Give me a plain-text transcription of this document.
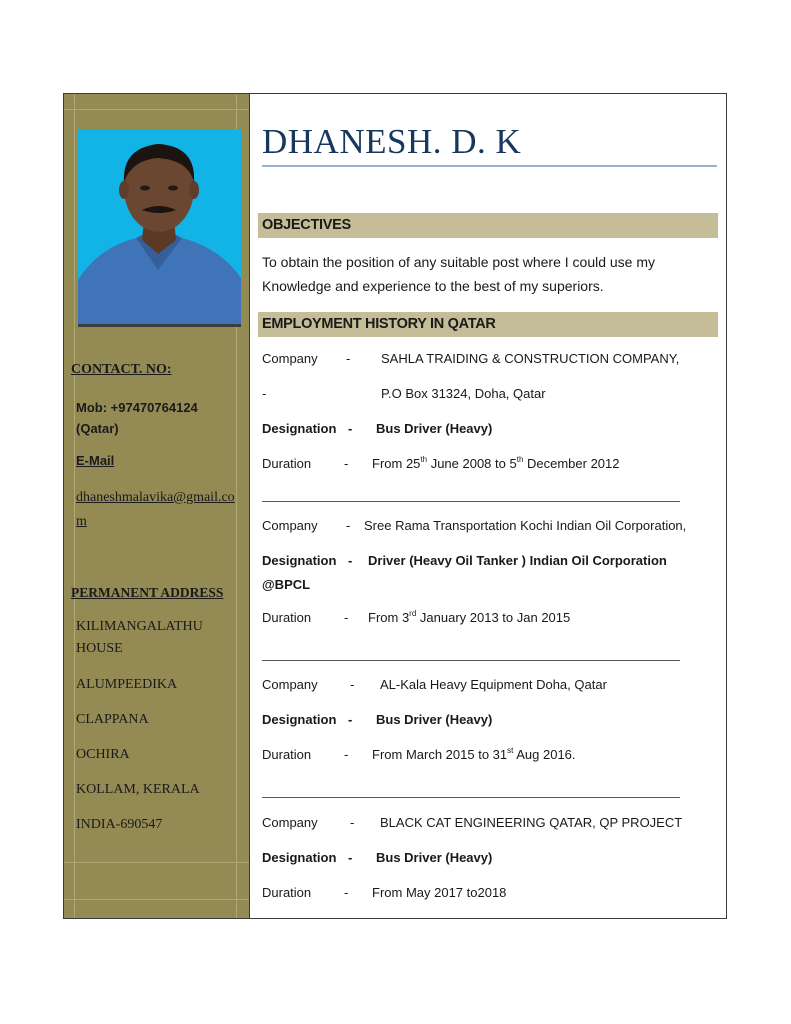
CONTACT. NO:
Mob: +97470764124 (Qatar)
E-Mail
dhaneshmalavika@gmail.com
PERMANENT ADDRESS
KILIMANGALATHU HOUSE
ALUMPEEDIKA
CLAPPANA
OCHIRA
KOLLAM, KERALA
INDIA-690547
DHANESH. D. K
OBJECTIVES
To obtain the position of any suitable post where I could use my Knowledge and experience to the best of my superiors.
EMPLOYMENT HISTORY IN QATAR
Company - SAHLA TRAIDING & CONSTRUCTION COMPANY,
-	P.O Box 31324, Doha, Qatar
Designation - Bus Driver (Heavy)
Duration	- From 25th June 2008 to 5th December 2012
Company - Sree Rama Transportation Kochi Indian Oil Corporation,
Designation - Driver (Heavy Oil Tanker ) Indian Oil Corporation
@BPCL
Duration	- From 3rd January 2013 to Jan 2015
Company - AL-Kala Heavy Equipment Doha, Qatar
Designation - Bus Driver (Heavy)
Duration	- From March 2015 to 31st Aug 2016.
Company - BLACK CAT ENGINEERING QATAR, QP PROJECT
Designation - Bus Driver (Heavy)
Duration	- From May 2017 to2018
